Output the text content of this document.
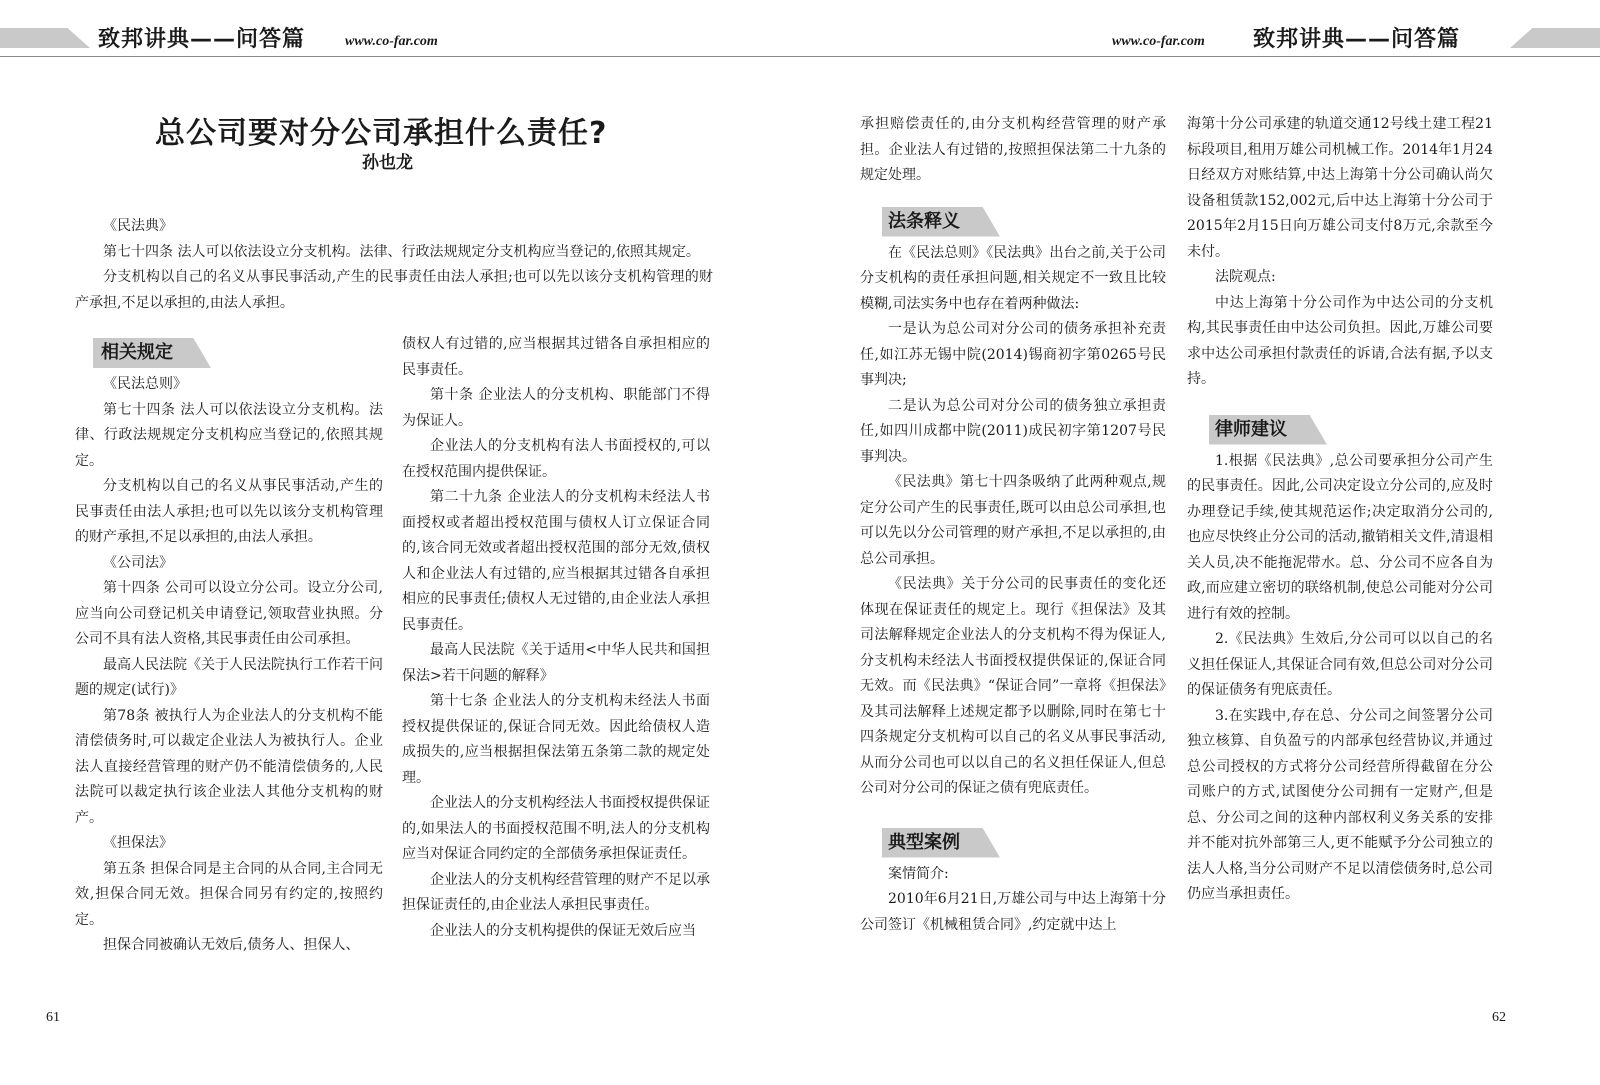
致邦讲典——问答篇	www.co-far.com	www.co-far.com 致邦讲典——问答篇
总公司要对分公司承担什么责任?
孙也龙

《民法典》

第七十四条 法人可以依法设立分支机构。法律、行政法规规定分支机构应当登记的,依照其规定。

分支机构以自己的名义从事民事活动,产生的民事责任由法人承担;也可以先以该分支机构管理的财产承担,不足以承担的,由法人承担。

相关规定

《民法总则》

第七十四条 法人可以依法设立分支机构。法律、行政法规规定分支机构应当登记的,依照其规定。

分支机构以自己的名义从事民事活动,产生的民事责任由法人承担;也可以先以该分支机构管理的财产承担,不足以承担的,由法人承担。

《公司法》

第十四条 公司可以设立分公司。设立分公司,应当向公司登记机关申请登记,领取营业执照。分公司不具有法人资格,其民事责任由公司承担。

最高人民法院《关于人民法院执行工作若干问题的规定(试行)》

第78条 被执行人为企业法人的分支机构不能清偿债务时,可以裁定企业法人为被执行人。企业法人直接经营管理的财产仍不能清偿债务的,人民法院可以裁定执行该企业法人其他分支机构的财产。

《担保法》

第五条 担保合同是主合同的从合同,主合同无效,担保合同无效。担保合同另有约定的,按照约定。

担保合同被确认无效后,债务人、担保人、

债权人有过错的,应当根据其过错各自承担相应的民事责任。

第十条 企业法人的分支机构、职能部门不得为保证人。

企业法人的分支机构有法人书面授权的,可以在授权范围内提供保证。

第二十九条 企业法人的分支机构未经法人书面授权或者超出授权范围与债权人订立保证合同的,该合同无效或者超出授权范围的部分无效,债权人和企业法人有过错的,应当根据其过错各自承担相应的民事责任;债权人无过错的,由企业法人承担民事责任。

最高人民法院《关于适用<中华人民共和国担保法>若干问题的解释》

第十七条 企业法人的分支机构未经法人书面授权提供保证的,保证合同无效。因此给债权人造成损失的,应当根据担保法第五条第二款的规定处理。

企业法人的分支机构经法人书面授权提供保证的,如果法人的书面授权范围不明,法人的分支机构应当对保证合同约定的全部债务承担保证责任。

企业法人的分支机构经营管理的财产不足以承担保证责任的,由企业法人承担民事责任。

企业法人的分支机构提供的保证无效后应当

承担赔偿责任的,由分支机构经营管理的财产承担。企业法人有过错的,按照担保法第二十九条的规定处理。

法条释义

在《民法总则》《民法典》出台之前,关于公司分支机构的责任承担问题,相关规定不一致且比较模糊,司法实务中也存在着两种做法:

一是认为总公司对分公司的债务承担补充责任,如江苏无锡中院(2014)锡商初字第0265号民事判决;

二是认为总公司对分公司的债务独立承担责任,如四川成都中院(2011)成民初字第1207号民事判决。

《民法典》第七十四条吸纳了此两种观点,规定分公司产生的民事责任,既可以由总公司承担,也可以先以分公司管理的财产承担,不足以承担的,由总公司承担。

《民法典》关于分公司的民事责任的变化还体现在保证责任的规定上。现行《担保法》及其司法解释规定企业法人的分支机构不得为保证人,分支机构未经法人书面授权提供保证的,保证合同无效。而《民法典》“保证合同”一章将《担保法》及其司法解释上述规定都予以删除,同时在第七十四条规定分支机构可以自己的名义从事民事活动,从而分公司也可以以自己的名义担任保证人,但总公司对分公司的保证之债有兜底责任。

典型案例

案情简介:

2010年6月21日,万雄公司与中达上海第十分公司签订《机械租赁合同》,约定就中达上

海第十分公司承建的轨道交通12号线土建工程21标段项目,租用万雄公司机械工作。2014年1月24日经双方对账结算,中达上海第十分公司确认尚欠设备租赁款152,002元,后中达上海第十分公司于2015年2月15日向万雄公司支付8万元,余款至今未付。

法院观点:

中达上海第十分公司作为中达公司的分支机构,其民事责任由中达公司负担。因此,万雄公司要求中达公司承担付款责任的诉请,合法有据,予以支持。

律师建议

1.根据《民法典》,总公司要承担分公司产生的民事责任。因此,公司决定设立分公司的,应及时办理登记手续,使其规范运作;决定取消分公司的,也应尽快终止分公司的活动,撤销相关文件,清退相关人员,决不能拖泥带水。总、分公司不应各自为政,而应建立密切的联络机制,使总公司能对分公司进行有效的控制。

2.《民法典》生效后,分公司可以以自己的名义担任保证人,其保证合同有效,但总公司对分公司的保证债务有兜底责任。

3.在实践中,存在总、分公司之间签署分公司独立核算、自负盈亏的内部承包经营协议,并通过总公司授权的方式将分公司经营所得截留在分公司账户的方式,试图使分公司拥有一定财产,但是总、分公司之间的这种内部权利义务关系的安排并不能对抗外部第三人,更不能赋予分公司独立的法人人格,当分公司财产不足以清偿债务时,总公司仍应当承担责任。

61	62
